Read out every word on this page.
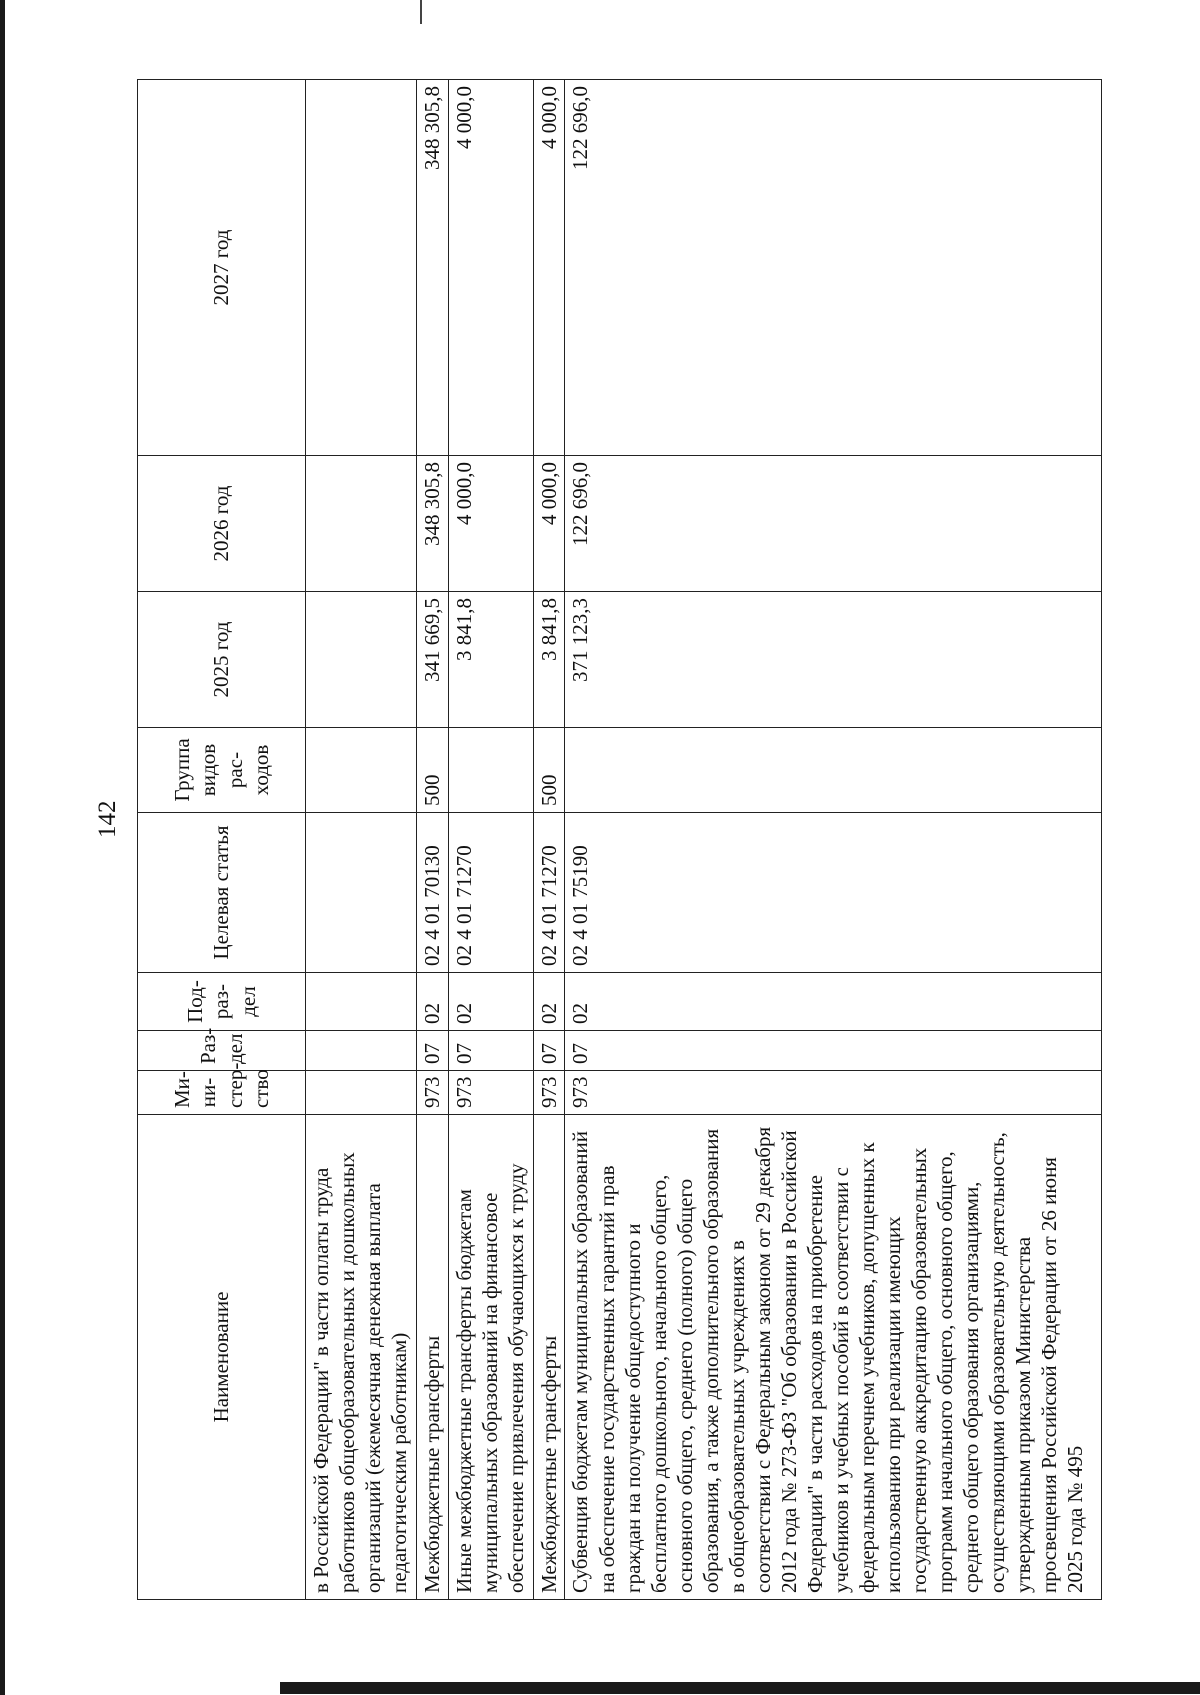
142
Наименование	Ми-ни-стер-ство	Раз-дел	Под-раз-дел	Целевая статья	Группа видов рас-ходов	2025 год	2026 год	2027 год
в Российской Федерации" в части оплаты труда работников общеобразовательных и дошкольных организаций (ежемесячная денежная выплата педагогическим работникам)								
Межбюджетные трансферты	973	07	02	02 4 01 70130	500	341 669,5	348 305,8	348 305,8
Иные межбюджетные трансферты бюджетам муниципальных образований на финансовое обеспечение привлечения обучающихся к труду	973	07	02	02 4 01 71270		3 841,8	4 000,0	4 000,0
Межбюджетные трансферты	973	07	02	02 4 01 71270	500	3 841,8	4 000,0	4 000,0
Субвенция бюджетам муниципальных образований на обеспечение государственных гарантий прав граждан на получение общедоступного и бесплатного дошкольного, начального общего, основного общего, среднего (полного) общего образования, а также дополнительного образования в общеобразовательных учреждениях в соответствии с Федеральным законом от 29 декабря 2012 года № 273-ФЗ "Об образовании в Российской Федерации" в части расходов на приобретение учебников и учебных пособий в соответствии с федеральным перечнем учебников, допущенных к использованию при реализации имеющих государственную аккредитацию образовательных программ начального общего, основного общего, среднего общего образования организациями, осуществляющими образовательную деятельность, утвержденным приказом Министерства просвещения Российской Федерации от 26 июня 2025 года № 495	973	07	02	02 4 01 75190		371 123,3	122 696,0	122 696,0
